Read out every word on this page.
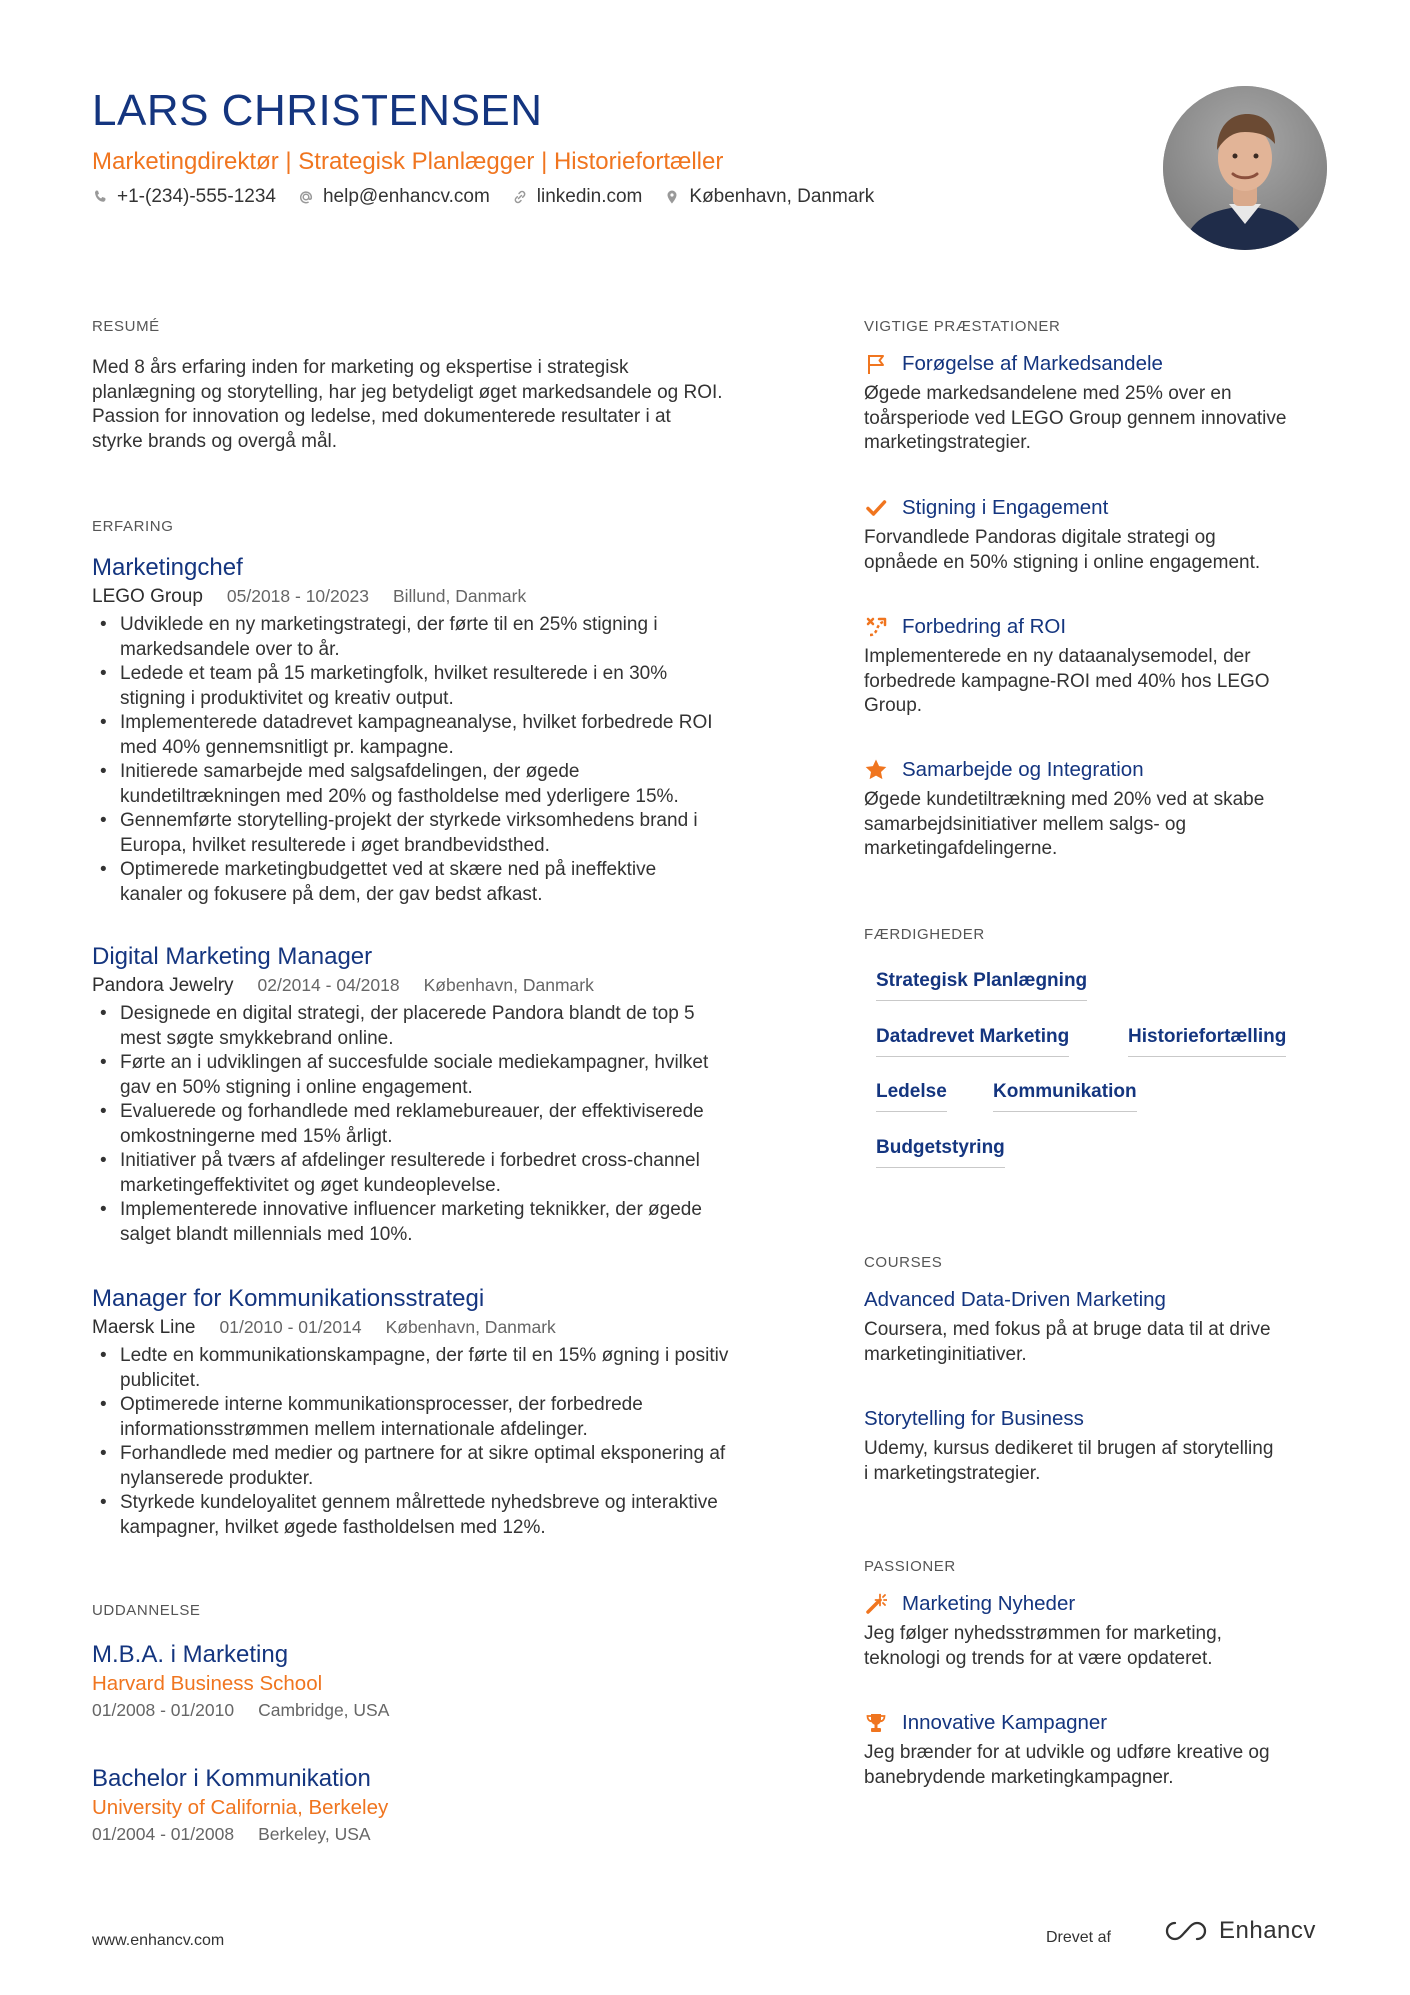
LARS CHRISTENSEN
Marketingdirektør | Strategisk Planlægger | Historiefortæller
+1-(234)-555-1234 help@enhancv.com linkedin.com København, Danmark
RESUMÉ
Med 8 års erfaring inden for marketing og ekspertise i strategisk
planlægning og storytelling, har jeg betydeligt øget markedsandele og ROI.
Passion for innovation og ledelse, med dokumenterede resultater i at
styrke brands og overgå mål.
ERFARING
Marketingchef
LEGO Group 05/2018 - 10/2023 Billund, Danmark
• Udviklede en ny marketingstrategi, der førte til en 25% stigning i
markedsandele over to år.
• Ledede et team på 15 marketingfolk, hvilket resulterede i en 30%
stigning i produktivitet og kreativ output.
• Implementerede datadrevet kampagneanalyse, hvilket forbedrede ROI
med 40% gennemsnitligt pr. kampagne.
• Initierede samarbejde med salgsafdelingen, der øgede
kundetiltrækningen med 20% og fastholdelse med yderligere 15%.
• Gennemførte storytelling-projekt der styrkede virksomhedens brand i
Europa, hvilket resulterede i øget brandbevidsthed.
• Optimerede marketingbudgettet ved at skære ned på ineffektive
kanaler og fokusere på dem, der gav bedst afkast.
Digital Marketing Manager
Pandora Jewelry 02/2014 - 04/2018 København, Danmark
• Designede en digital strategi, der placerede Pandora blandt de top 5
mest søgte smykkebrand online.
• Førte an i udviklingen af succesfulde sociale mediekampagner, hvilket
gav en 50% stigning i online engagement.
• Evaluerede og forhandlede med reklamebureauer, der effektiviserede
omkostningerne med 15% årligt.
• Initiativer på tværs af afdelinger resulterede i forbedret cross-channel
marketingeffektivitet og øget kundeoplevelse.
• Implementerede innovative influencer marketing teknikker, der øgede
salget blandt millennials med 10%.
Manager for Kommunikationsstrategi
Maersk Line 01/2010 - 01/2014 København, Danmark
• Ledte en kommunikationskampagne, der førte til en 15% øgning i positiv
publicitet.
• Optimerede interne kommunikationsprocesser, der forbedrede
informationsstrømmen mellem internationale afdelinger.
• Forhandlede med medier og partnere for at sikre optimal eksponering af
nylanserede produkter.
• Styrkede kundeloyalitet gennem målrettede nyhedsbreve og interaktive
kampagner, hvilket øgede fastholdelsen med 12%.
UDDANNELSE
M.B.A. i Marketing
Harvard Business School
01/2008 - 01/2010 Cambridge, USA
Bachelor i Kommunikation
University of California, Berkeley
01/2004 - 01/2008 Berkeley, USA
VIGTIGE PRÆSTATIONER
Forøgelse af Markedsandele
Øgede markedsandelene med 25% over en
toårsperiode ved LEGO Group gennem innovative
marketingstrategier.
Stigning i Engagement
Forvandlede Pandoras digitale strategi og
opnåede en 50% stigning i online engagement.
Forbedring af ROI
Implementerede en ny dataanalysemodel, der
forbedrede kampagne-ROI med 40% hos LEGO
Group.
Samarbejde og Integration
Øgede kundetiltrækning med 20% ved at skabe
samarbejdsinitiativer mellem salgs- og
marketingafdelingerne.
FÆRDIGHEDER
Strategisk Planlægning
Datadrevet Marketing	Historiefortælling
Ledelse Kommunikation
Budgetstyring
COURSES
Advanced Data-Driven Marketing
Coursera, med fokus på at bruge data til at drive
marketinginitiativer.
Storytelling for Business
Udemy, kursus dedikeret til brugen af storytelling
i marketingstrategier.
PASSIONER
Marketing Nyheder
Jeg følger nyhedsstrømmen for marketing,
teknologi og trends for at være opdateret.
Innovative Kampagner
Jeg brænder for at udvikle og udføre kreative og
banebrydende marketingkampagner.
www.enhancv.com	Drevet af	Enhancv
